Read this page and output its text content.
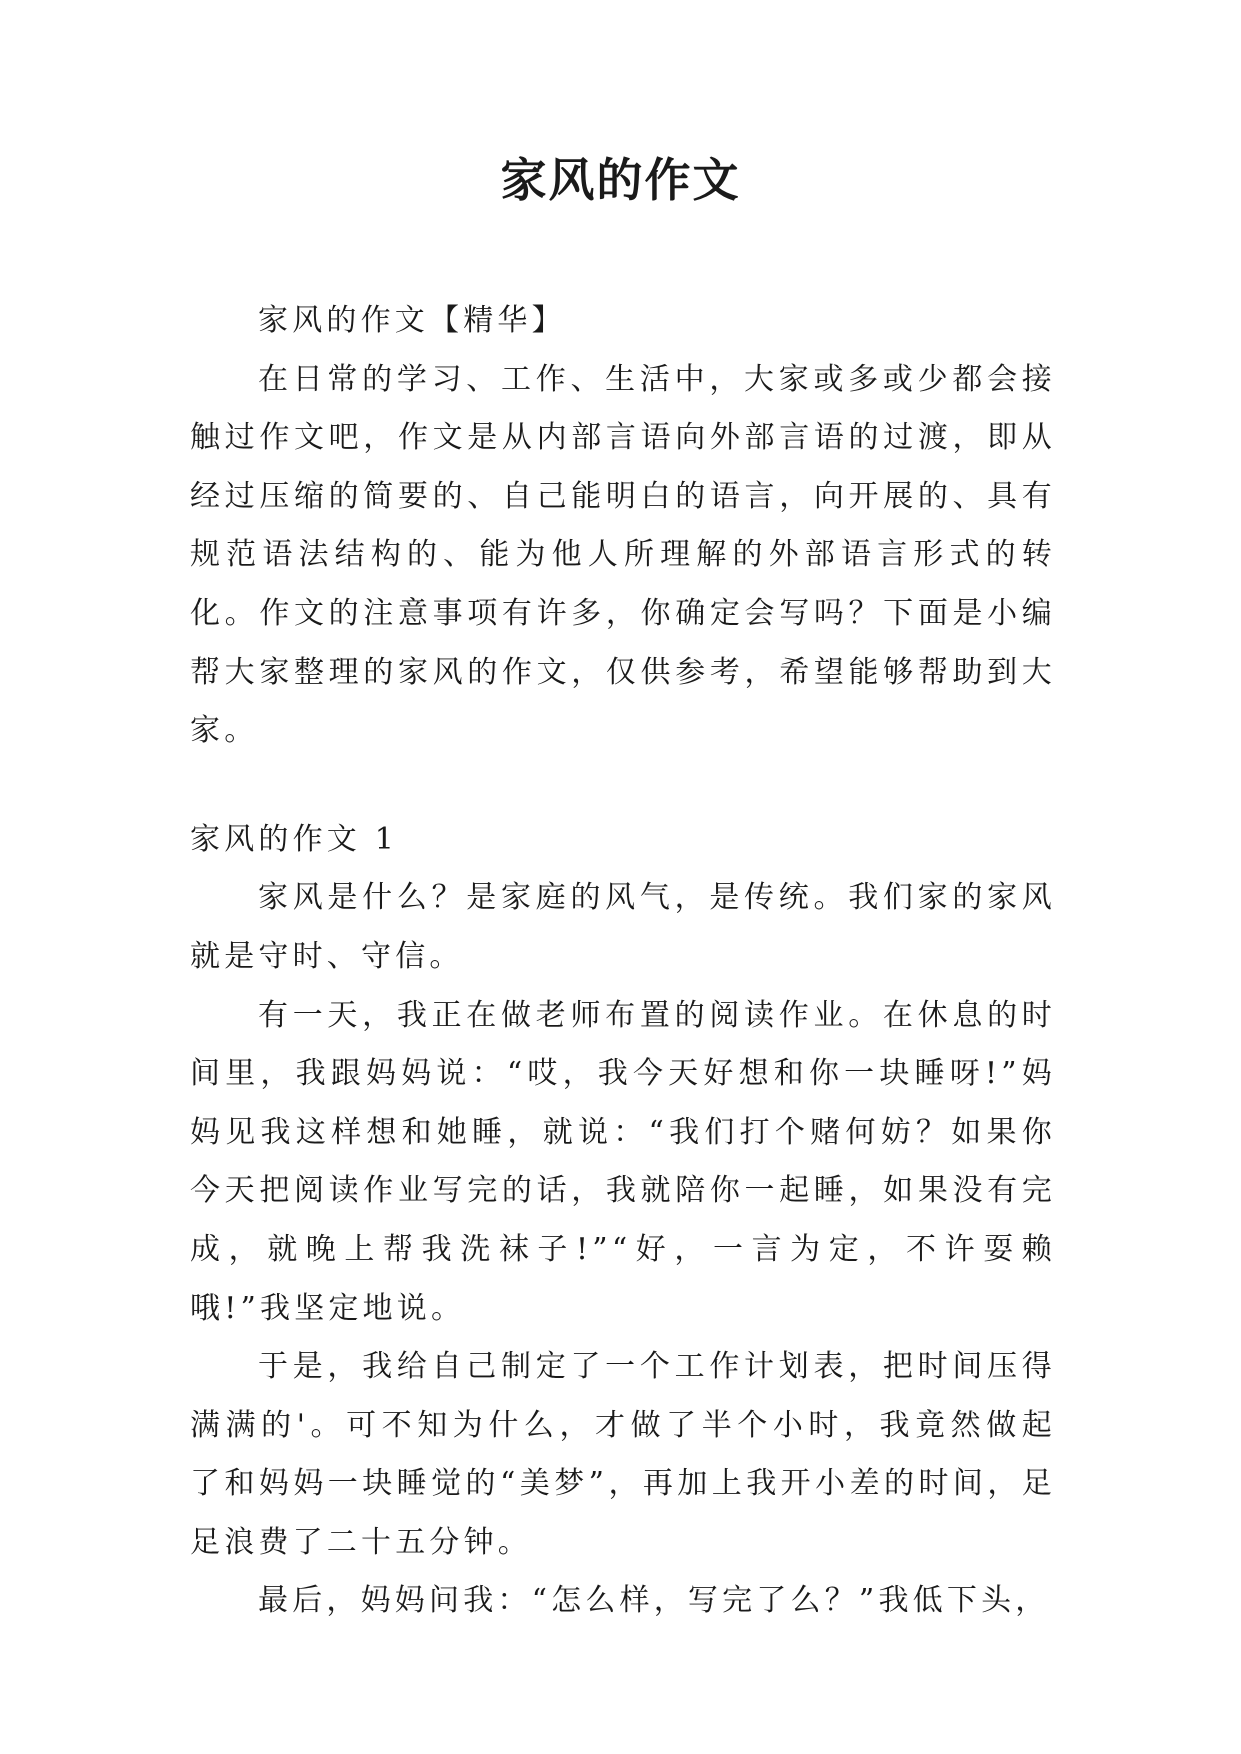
家风的作文

家风的作文【精华】

在日常的学习、工作、生活中，大家或多或少都会接触过作文吧，作文是从内部言语向外部言语的过渡，即从经过压缩的简要的、自己能明白的语言，向开展的、具有规范语法结构的、能为他人所理解的外部语言形式的转化。作文的注意事项有许多，你确定会写吗？下面是小编帮大家整理的家风的作文，仅供参考，希望能够帮助到大家。

家风的作文 1

家风是什么？是家庭的风气，是传统。我们家的家风就是守时、守信。

有一天，我正在做老师布置的阅读作业。在休息的时间里，我跟妈妈说：“哎，我今天好想和你一块睡呀!”妈妈见我这样想和她睡，就说：“我们打个赌何妨？如果你今天把阅读作业写完的话，我就陪你一起睡，如果没有完成，就晚上帮我洗袜子!”“好，一言为定，不许耍赖哦!”我坚定地说。

于是，我给自己制定了一个工作计划表，把时间压得满满的'。可不知为什么，才做了半个小时，我竟然做起了和妈妈一块睡觉的“美梦”，再加上我开小差的时间，足足浪费了二十五分钟。

最后，妈妈问我：“怎么样，写完了么？”我低下头，
